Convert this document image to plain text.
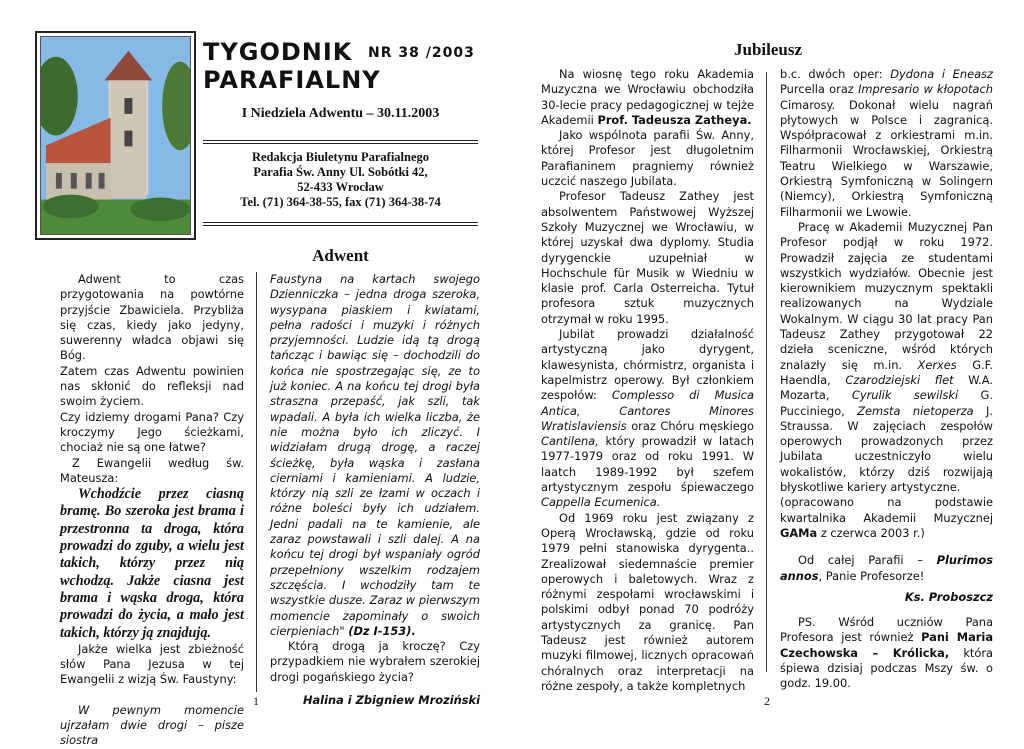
TYGODNIK NR 38 /2003
PARAFIALNY
I Niedziela Adwentu – 30.11.2003
Redakcja Biuletynu Parafialnego
Parafia Św. Anny Ul. Sobótki 42,
52-433 Wrocław
Tel. (71) 364-38-55, fax (71) 364-38-74
Adwent

Adwent to czas przygotowania na powtórne przyjście Zbawiciela. Przybliża się czas, kiedy jako jedyny, suwerenny władca objawi się Bóg.

Zatem czas Adwentu powinien nas skłonić do refleksji nad swoim życiem.

Czy idziemy drogami Pana? Czy kroczymy Jego ścieżkami, chociaż nie są one łatwe?

Z Ewangelii według św. Mateusza:

Wchodźcie przez ciasną bramę. Bo szeroka jest brama i przestronna ta droga, która prowadzi do zguby, a wielu jest takich, którzy przez nią wchodzą. Jakże ciasna jest brama i wąska droga, która prowadzi do życia, a mało jest takich, którzy ją znajdują.

Jakże wielka jest zbieżność słów Pana Jezusa w tej Ewangelii z wizją Św. Faustyny:

W pewnym momencie ujrzałam dwie drogi – pisze siostra

Faustyna na kartach swojego Dzienniczka – jedna droga szeroka, wysypana piaskiem i kwiatami, pełna radości i muzyki i różnych przyjemności. Ludzie idą tą drogą tańcząc i bawiąc się – dochodzili do końca nie spostrzegając się, ze to już koniec. A na końcu tej drogi była straszna przepaść, jak szli, tak wpadali. A była ich wielka liczba, że nie można było ich zliczyć. I widziałam drugą drogę, a raczej ścieżkę, była wąska i zasłana cierniami i kamieniami. A ludzie, którzy nią szli ze łzami w oczach i różne boleści były ich udziałem. Jedni padali na te kamienie, ale zaraz powstawali i szli dalej. A na końcu tej drogi był wspaniały ogród przepełniony wszelkim rodzajem szczęścia. I wchodziły tam te wszystkie dusze. Zaraz w pierwszym momencie zapominały o swoich cierpieniach" (Dz I-153).

Którą drogą ja kroczę? Czy przypadkiem nie wybrałem szerokiej drogi pogańskiego życia?

Halina i Zbigniew Mroziński

Jubileusz

Na wiosnę tego roku Akademia Muzyczna we Wrocławiu obchodziła 30-lecie pracy pedagogicznej w tejże Akademii Prof. Tadeusza Zatheya.

Jako wspólnota parafii Św. Anny, której Profesor jest długoletnim Parafianinem pragniemy również uczcić naszego Jubilata.

Profesor Tadeusz Zathey jest absolwentem Państwowej Wyższej Szkoły Muzycznej we Wrocławiu, w której uzyskał dwa dyplomy. Studia dyrygenckie uzupełniał w Hochschule für Musik w Wiedniu w klasie prof. Carla Osterreicha. Tytuł profesora sztuk muzycznych otrzymał w roku 1995.

Jubilat prowadzi działalność artystyczną jako dyrygent, klawesynista, chórmistrz, organista i kapelmistrz operowy. Był członkiem zespołów: Complesso di Musica Antica, Cantores Minores Wratislaviensis oraz Chóru męskiego Cantilena, który prowadził w latach 1977-1979 oraz od roku 1991. W laatch 1989-1992 był szefem artystycznym zespołu śpiewaczego Cappella Ecumenica.

Od 1969 roku jest związany z Operą Wrocławską, gdzie od roku 1979 pełni stanowiska dyrygenta.. Zrealizował siedemnaście premier operowych i baletowych. Wraz z różnymi zespołami wrocławskimi i polskimi odbył ponad 70 podróży artystycznych za granicę. Pan Tadeusz jest również autorem muzyki filmowej, licznych opracowań chóralnych oraz interpretacji na różne zespoły, a także kompletnych

b.c. dwóch oper: Dydona i Eneasz Purcella oraz Impresario w kłopotach Cimarosy. Dokonał wielu nagrań płytowych w Polsce i zagranicą. Współpracował z orkiestrami m.in. Filharmonii Wrocławskiej, Orkiestrą Teatru Wielkiego w Warszawie, Orkiestrą Symfoniczną w Solingern (Niemcy), Orkiestrą Symfoniczną Filharmonii we Lwowie.

Pracę w Akademii Muzycznej Pan Profesor podjął w roku 1972. Prowadził zajęcia ze studentami wszystkich wydziałów. Obecnie jest kierownikiem muzycznym spektakli realizowanych na Wydziale Wokalnym. W ciągu 30 lat pracy Pan Tadeusz Zathey przygotował 22 dzieła sceniczne, wśród których znalazły się m.in. Xerxes G.F. Haendla, Czarodziejski flet W.A. Mozarta, Cyrulik sewilski G. Pucciniego, Zemsta nietoperza J. Straussa. W zajęciach zespołów operowych prowadzonych przez Jubilata uczestniczyło wielu wokalistów, którzy dziś rozwijają błyskotliwe kariery artystyczne.

(opracowano na podstawie kwartalnika Akademii Muzycznej GAMa z czerwca 2003 r.)

Od całej Parafii – Plurimos annos, Panie Profesorze!

Ks. Proboszcz

PS. Wśród uczniów Pana Profesora jest również Pani Maria Czechowska – Królicka, która śpiewa dzisiaj podczas Mszy św. o godz. 19.00.

1	2
